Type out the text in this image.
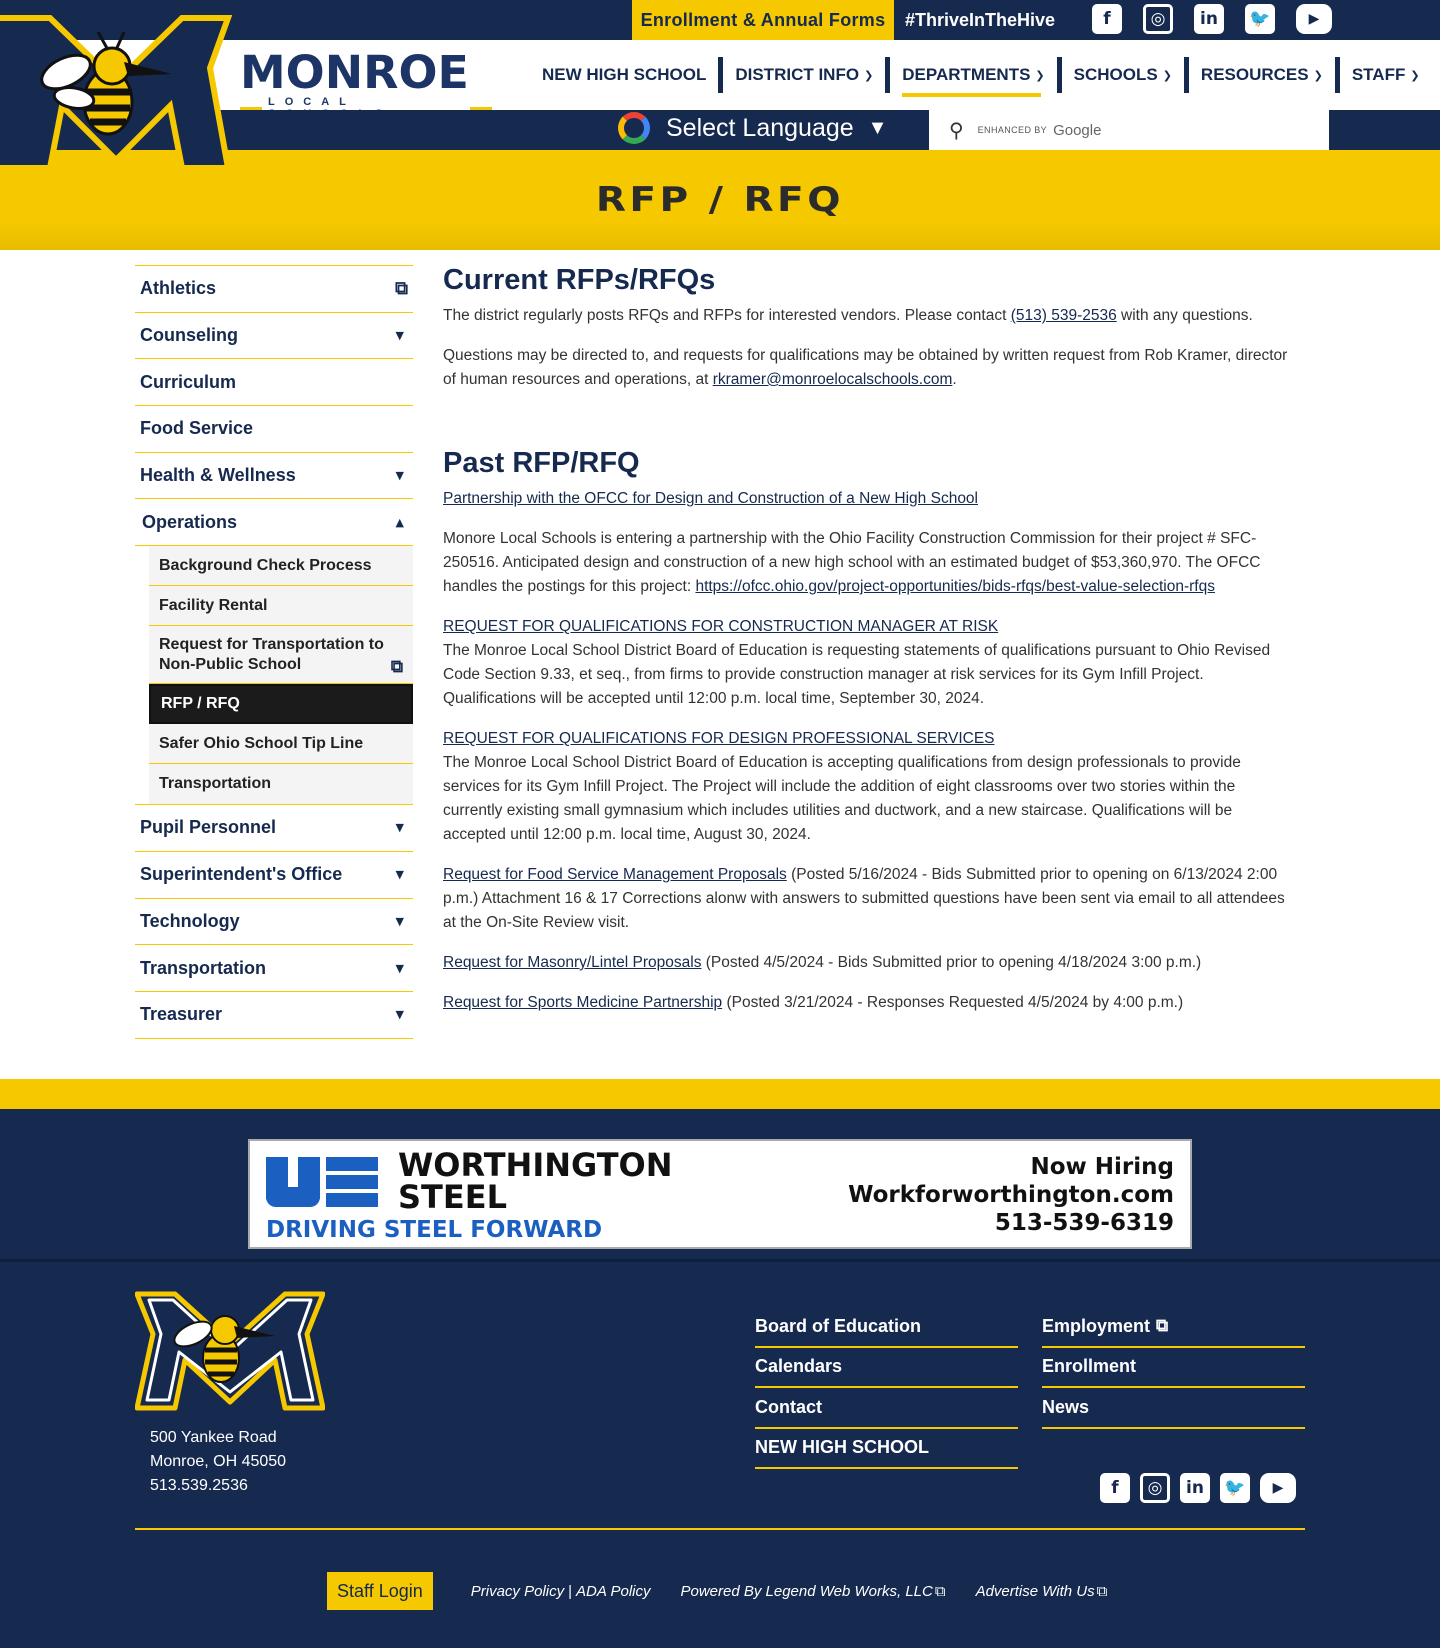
Enrollment & Annual Forms	#ThriveInTheHive	f	◎	in	🐦	▶
MONROE
LOCAL
NEW HIGH SCHOOL DISTRICT INFO ❯ DEPARTMENTS ❯ SCHOOLS ❯ RESOURCES ❯ STAFF ❯
Select Language ▼	⚲ ENHANCED BY Google
RFP / RFQ
Athletics	⧉
Counseling	▼
Curriculum
Food Service
Health & Wellness	▼
Operations	▲
Background Check Process
Facility Rental
Request for Transportation to Non-Public School	⧉
RFP / RFQ
Safer Ohio School Tip Line
Transportation
Pupil Personnel	▼
Superintendent's Office	▼
Technology	▼
Transportation	▼
Treasurer	▼
Current RFPs/RFQs

The district regularly posts RFQs and RFPs for interested vendors. Please contact (513) 539-2536 with any questions.

Questions may be directed to, and requests for qualifications may be obtained by written request from Rob Kramer, director of human resources and operations, at rkramer@monroelocalschools.com.

Past RFP/RFQ

Partnership with the OFCC for Design and Construction of a New High School

Monore Local Schools is entering a partnership with the Ohio Facility Construction Commission for their project # SFC-250516. Anticipated design and construction of a new high school with an estimated budget of $53,360,970. The OFCC handles the postings for this project: https://ofcc.ohio.gov/project-opportunities/bids-rfqs/best-value-selection-rfqs

REQUEST FOR QUALIFICATIONS FOR CONSTRUCTION MANAGER AT RISK
The Monroe Local School District Board of Education is requesting statements of qualifications pursuant to Ohio Revised Code Section 9.33, et seq., from firms to provide construction manager at risk services for its Gym Infill Project. Qualifications will be accepted until 12:00 p.m. local time, September 30, 2024.

REQUEST FOR QUALIFICATIONS FOR DESIGN PROFESSIONAL SERVICES
The Monroe Local School District Board of Education is accepting qualifications from design professionals to provide services for its Gym Infill Project. The Project will include the addition of eight classrooms over two stories within the currently existing small gymnasium which includes utilities and ductwork, and a new staircase. Qualifications will be accepted until 12:00 p.m. local time, August 30, 2024.

Request for Food Service Management Proposals (Posted 5/16/2024 - Bids Submitted prior to opening on 6/13/2024 2:00 p.m.) Attachment 16 & 17 Corrections alonw with answers to submitted questions have been sent via email to all attendees at the On-Site Review visit.

Request for Masonry/Lintel Proposals (Posted 4/5/2024 - Bids Submitted prior to opening 4/18/2024 3:00 p.m.)

Request for Sports Medicine Partnership (Posted 3/21/2024 - Responses Requested 4/5/2024 by 4:00 p.m.)

WORTHINGTON
STEEL
DRIVING STEEL FORWARD
Now Hiring
Workforworthington.com
513-539-6319
500 Yankee Road
Monroe, OH 45050
513.539.2536
Board of Education
Calendars
Contact
NEW HIGH SCHOOL
Employment ⧉
Enrollment
News
f	◎	in	🐦	▶
Staff Login	Privacy Policy | ADA Policy Powered By Legend Web Works, LLC ⧉ Advertise With Us ⧉
